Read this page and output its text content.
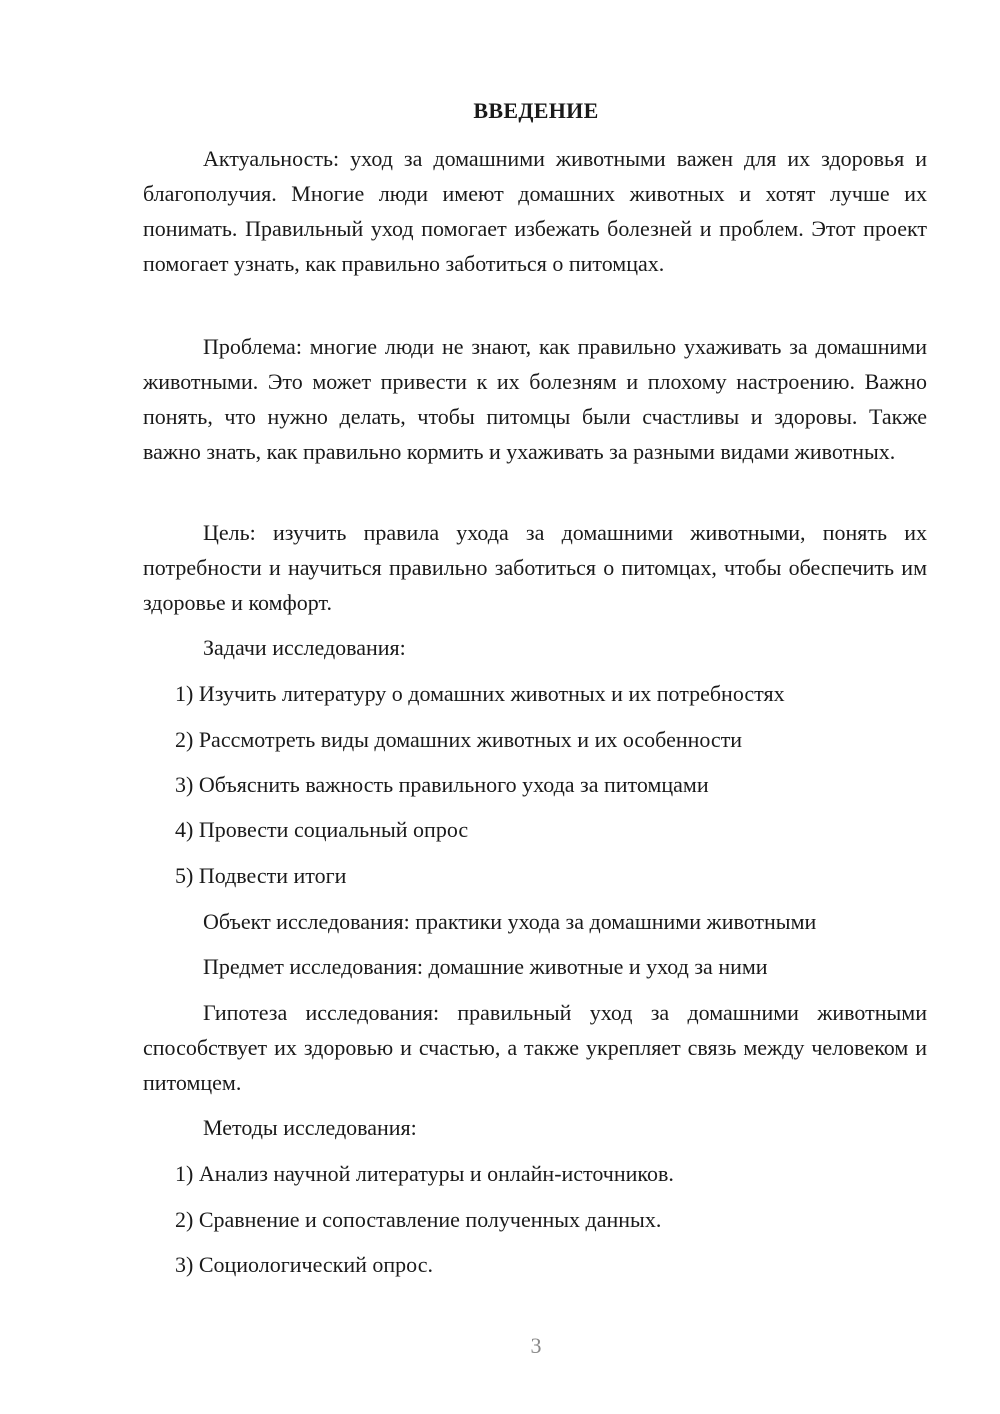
ВВЕДЕНИЕ

Актуальность: уход за домашними животными важен для их здоровья и благополучия. Многие люди имеют домашних животных и хотят лучше их понимать. Правильный уход помогает избежать болезней и проблем. Этот проект помогает узнать, как правильно заботиться о питомцах.

Проблема: многие люди не знают, как правильно ухаживать за домашними животными. Это может привести к их болезням и плохому настроению. Важно понять, что нужно делать, чтобы питомцы были счастливы и здоровы. Также важно знать, как правильно кормить и ухаживать за разными видами животных.

Цель: изучить правила ухода за домашними животными, понять их потребности и научиться правильно заботиться о питомцах, чтобы обеспечить им здоровье и комфорт.

Задачи исследования:

1) Изучить литературу о домашних животных и их потребностях

2) Рассмотреть виды домашних животных и их особенности

3) Объяснить важность правильного ухода за питомцами

4) Провести социальный опрос

5) Подвести итоги

Объект исследования: практики ухода за домашними животными

Предмет исследования: домашние животные и уход за ними

Гипотеза исследования: правильный уход за домашними животными способствует их здоровью и счастью, а также укрепляет связь между человеком и питомцем.

Методы исследования:

1) Анализ научной литературы и онлайн-источников.

2) Сравнение и сопоставление полученных данных.

3) Социологический опрос.

3
